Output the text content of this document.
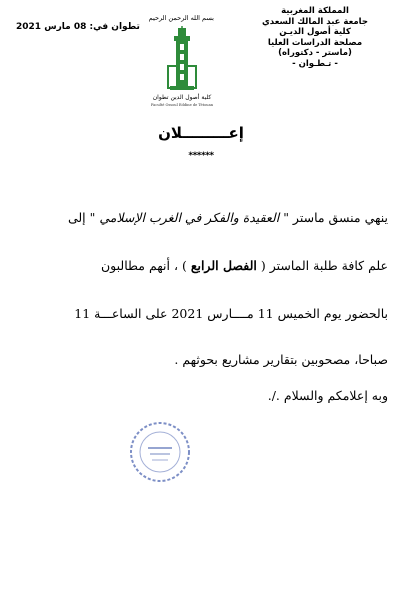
المملكة المغربية
جامعة عبد المالك السعدي
كلية أصول الديـن
مصلحة الدراسات العليا
(ماستر - دكتوراه)
- تـطـوان -
تطوان في: 08 مارس 2021
بسم الله الرحمن الرحيم
كلية أصول الدين تطوان
Faculté Ossoul Eddine de Tétouan
إعـــــــــلان
******
ينهي منسق ماستر " العقيدة والفكر في الغرب الإسلامي " إلى
علم كافة طلبة الماستر ( الفصل الرابع ) ، أنهم مطالبون
بالحضور يوم الخميس 11 مــــارس 2021 على الساعـــة 11
صباحا، مصحوبين بتقارير مشاريع بحوثهم .
وبه إعلامكم والسلام ./.
